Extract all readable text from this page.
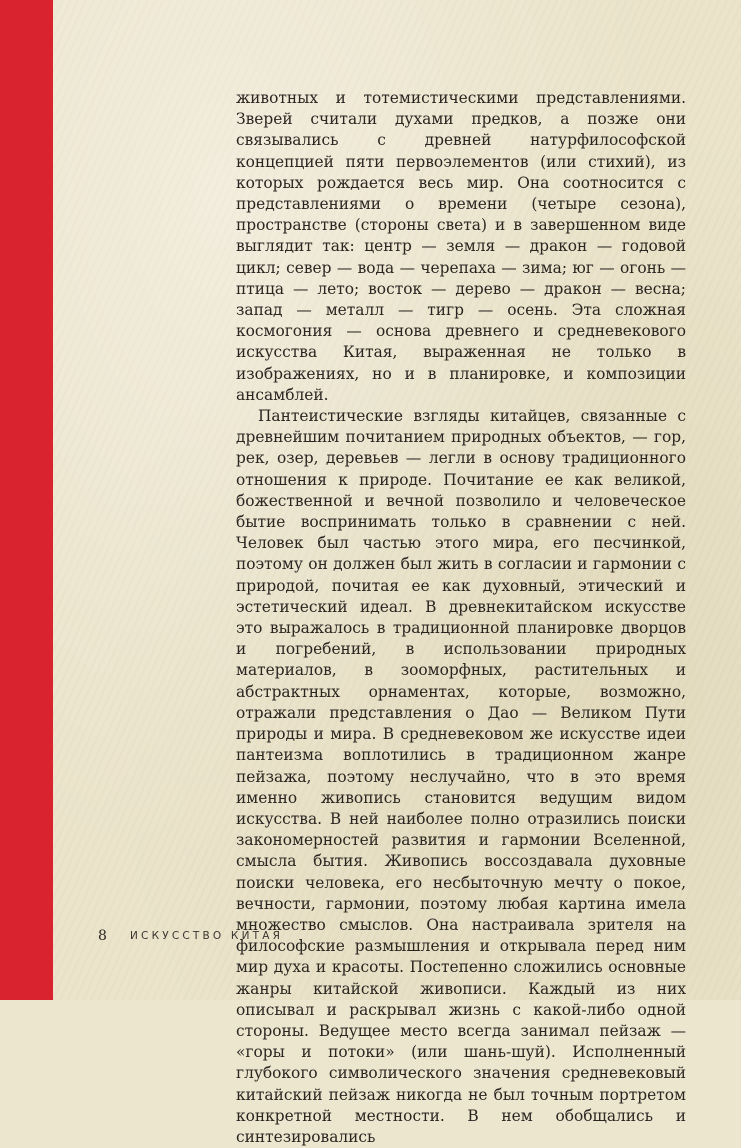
животных и тотемистическими представлениями. Зверей считали духами предков, а позже они связывались с древней натурфилософской концепцией пяти первоэлементов (или стихий), из которых рождается весь мир. Она соотносится с представлениями о времени (четыре сезона), пространстве (стороны света) и в завершенном виде выглядит так: центр — земля — дракон — годовой цикл; север — вода — черепаха — зима; юг — огонь — птица — лето; восток — дерево — дракон — весна; запад — металл — тигр — осень. Эта сложная космогония — основа древнего и средневекового искусства Китая, выраженная не только в изображениях, но и в планировке, и композиции ансамблей.

Пантеистические взгляды китайцев, связанные с древнейшим почитанием природных объектов, — гор, рек, озер, деревьев — легли в основу традиционного отношения к природе. Почитание ее как великой, божественной и вечной позволило и человеческое бытие воспринимать только в сравнении с ней. Человек был частью этого мира, его песчинкой, поэтому он должен был жить в согласии и гармонии с природой, почитая ее как духовный, этический и эстетический идеал. В древнекитайском искусстве это выражалось в традиционной планировке дворцов и погребений, в использовании природных материалов, в зооморфных, растительных и абстрактных орнаментах, которые, возможно, отражали представления о Дао — Великом Пути природы и мира. В средневековом же искусстве идеи пантеизма воплотились в традиционном жанре пейзажа, поэтому неслучайно, что в это время именно живопись становится ведущим видом искусства. В ней наиболее полно отразились поиски закономерностей развития и гармонии Вселенной, смысла бытия. Живопись воссоздавала духовные поиски человека, его несбыточную мечту о покое, вечности, гармонии, поэтому любая картина имела множество смыслов. Она настраивала зрителя на философские размышления и открывала перед ним мир духа и красоты. Постепенно сложились основные жанры китайской живописи. Каждый из них описывал и раскрывал жизнь с какой-либо одной стороны. Ведущее место всегда занимал пейзаж — «горы и потоки» (или шань-шуй). Исполненный глубокого символического значения средневековый китайский пейзаж никогда не был точным портретом конкретной местности. В нем обобщались и синтезировались

8	ИСКУССТВО КИТАЯ
